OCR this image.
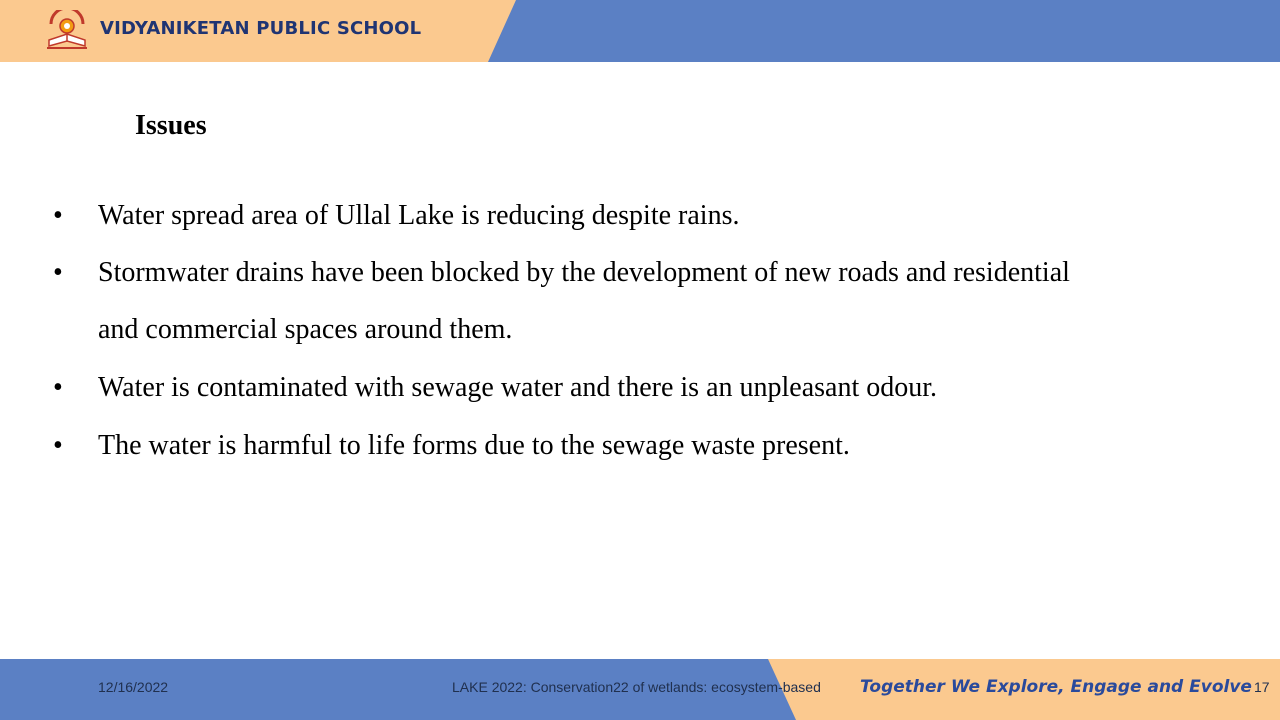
VIDYANIKETAN PUBLIC SCHOOL
Issues
• Water spread area of Ullal Lake is reducing despite rains.
• Stormwater drains have been blocked by the development of new roads and residential
and commercial spaces around them.
• Water is contaminated with sewage water and there is an unpleasant odour.
• The water is harmful to life forms due to the sewage waste present.
12/16/2022	LAKE 2022: Conservation22 of wetlands: ecosystem-based Together We Explore, Engage and Evolve 17
